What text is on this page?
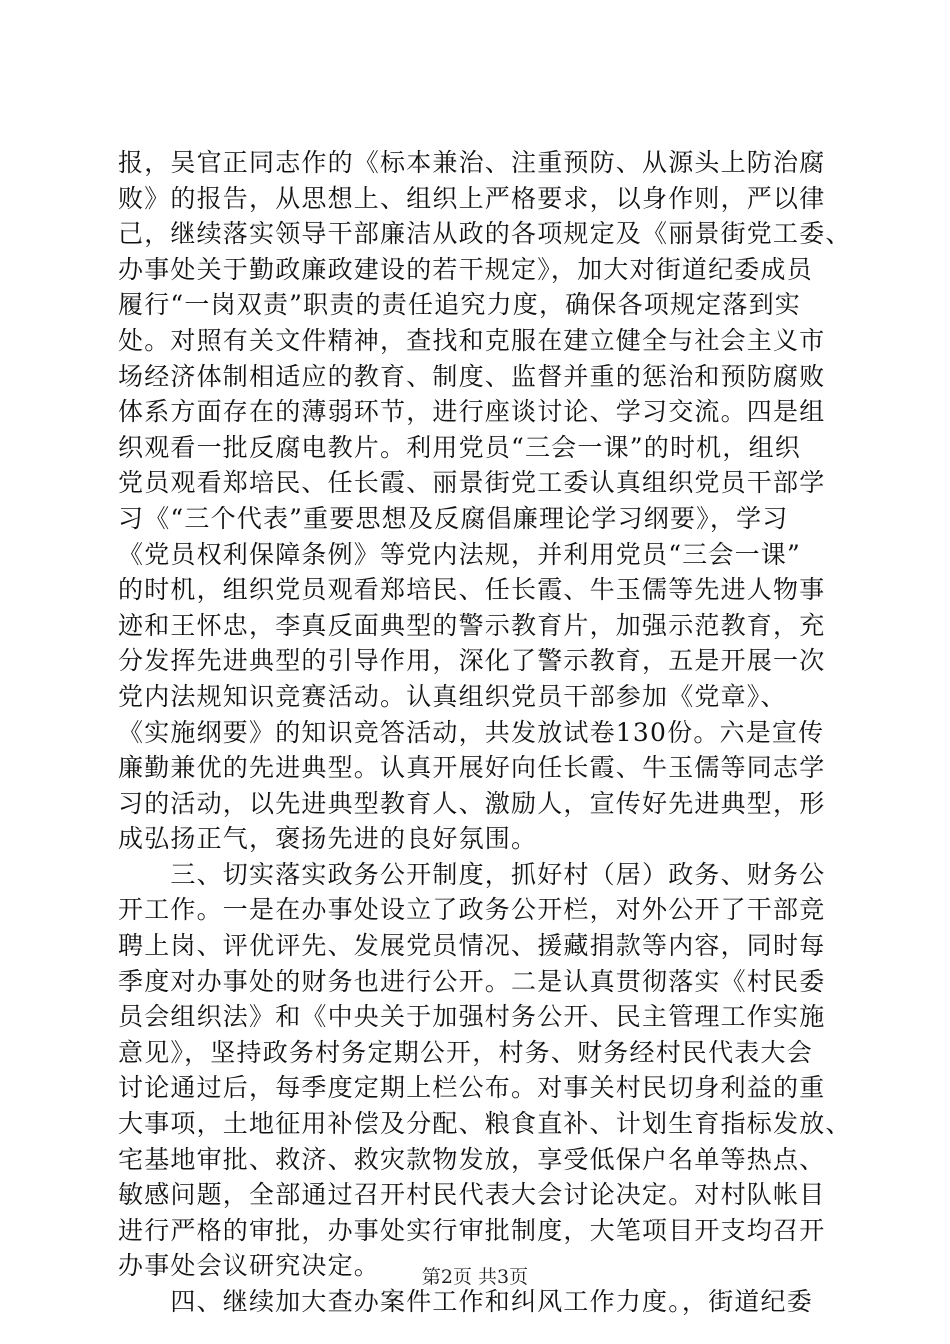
报，吴官正同志作的《标本兼治、注重预防、从源头上防治腐
败》的报告，从思想上、组织上严格要求，以身作则，严以律
己，继续落实领导干部廉洁从政的各项规定及《丽景街党工委、
办事处关于勤政廉政建设的若干规定》，加大对街道纪委成员
履行“一岗双责”职责的责任追究力度，确保各项规定落到实
处。对照有关文件精神，查找和克服在建立健全与社会主义市
场经济体制相适应的教育、制度、监督并重的惩治和预防腐败
体系方面存在的薄弱环节，进行座谈讨论、学习交流。四是组
织观看一批反腐电教片。利用党员“三会一课”的时机，组织
党员观看郑培民、任长霞、丽景街党工委认真组织党员干部学
习《“三个代表”重要思想及反腐倡廉理论学习纲要》，学习
《党员权利保障条例》等党内法规，并利用党员“三会一课”
的时机，组织党员观看郑培民、任长霞、牛玉儒等先进人物事
迹和王怀忠，李真反面典型的警示教育片，加强示范教育，充
分发挥先进典型的引导作用，深化了警示教育，五是开展一次
党内法规知识竞赛活动。认真组织党员干部参加《党章》、
《实施纲要》的知识竞答活动，共发放试卷130份。六是宣传
廉勤兼优的先进典型。认真开展好向任长霞、牛玉儒等同志学
习的活动，以先进典型教育人、激励人，宣传好先进典型，形
成弘扬正气，褒扬先进的良好氛围。
　　三、切实落实政务公开制度，抓好村（居）政务、财务公
开工作。一是在办事处设立了政务公开栏，对外公开了干部竞
聘上岗、评优评先、发展党员情况、援藏捐款等内容，同时每
季度对办事处的财务也进行公开。二是认真贯彻落实《村民委
员会组织法》和《中央关于加强村务公开、民主管理工作实施
意见》，坚持政务村务定期公开，村务、财务经村民代表大会
讨论通过后，每季度定期上栏公布。对事关村民切身利益的重
大事项，土地征用补偿及分配、粮食直补、计划生育指标发放、
宅基地审批、救济、救灾款物发放，享受低保户名单等热点、
敏感问题，全部通过召开村民代表大会讨论决定。对村队帐目
进行严格的审批，办事处实行审批制度，大笔项目开支均召开
办事处会议研究决定。
　　四、继续加大查办案件工作和纠风工作力度。，街道纪委
第2页 共3页
